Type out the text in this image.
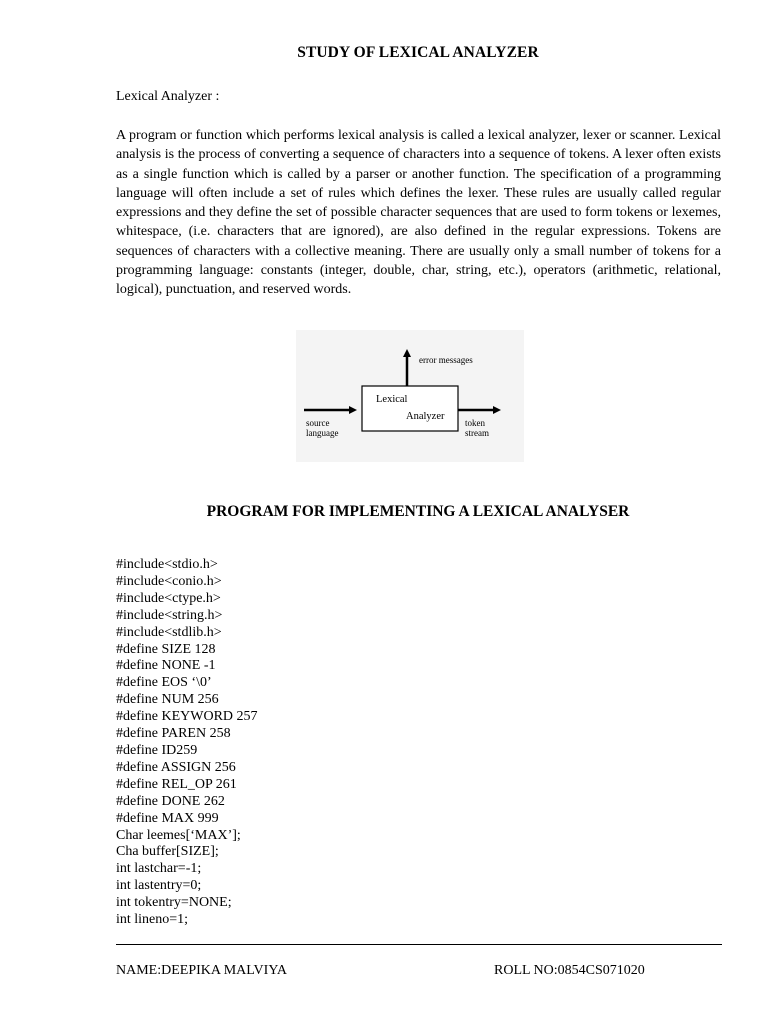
STUDY OF LEXICAL ANALYZER
Lexical Analyzer :

A program or function which performs lexical analysis is called a lexical analyzer, lexer or scanner. Lexical analysis is the process of converting a sequence of characters into a sequence of tokens. A lexer often exists as a single function which is called by a parser or another function. The specification of a programming language will often include a set of rules which defines the lexer. These rules are usually called regular expressions and they define the set of possible character sequences that are used to form tokens or lexemes, whitespace, (i.e. characters that are ignored), are also defined in the regular expressions. Tokens are sequences of characters with a collective meaning. There are usually only a small number of tokens for a programming language: constants (integer, double, char, string, etc.), operators (arithmetic, relational, logical), punctuation, and reserved words.

Lexical
Analyzer
error messages
source
language
token
stream
PROGRAM FOR IMPLEMENTING A LEXICAL ANALYSER
#include<stdio.h>
#include<conio.h>
#include<ctype.h>
#include<string.h>
#include<stdlib.h>
#define SIZE 128
#define NONE -1
#define EOS ‘\0’
#define NUM 256
#define KEYWORD 257
#define PAREN 258
#define ID259
#define ASSIGN 256
#define REL_OP 261
#define DONE 262
#define MAX 999
Char leemes[‘MAX’];
Cha buffer[SIZE];
int lastchar=-1;
int lastentry=0;
int tokentry=NONE;
int lineno=1;
NAME:DEEPIKA MALVIYA	ROLL NO:0854CS071020
